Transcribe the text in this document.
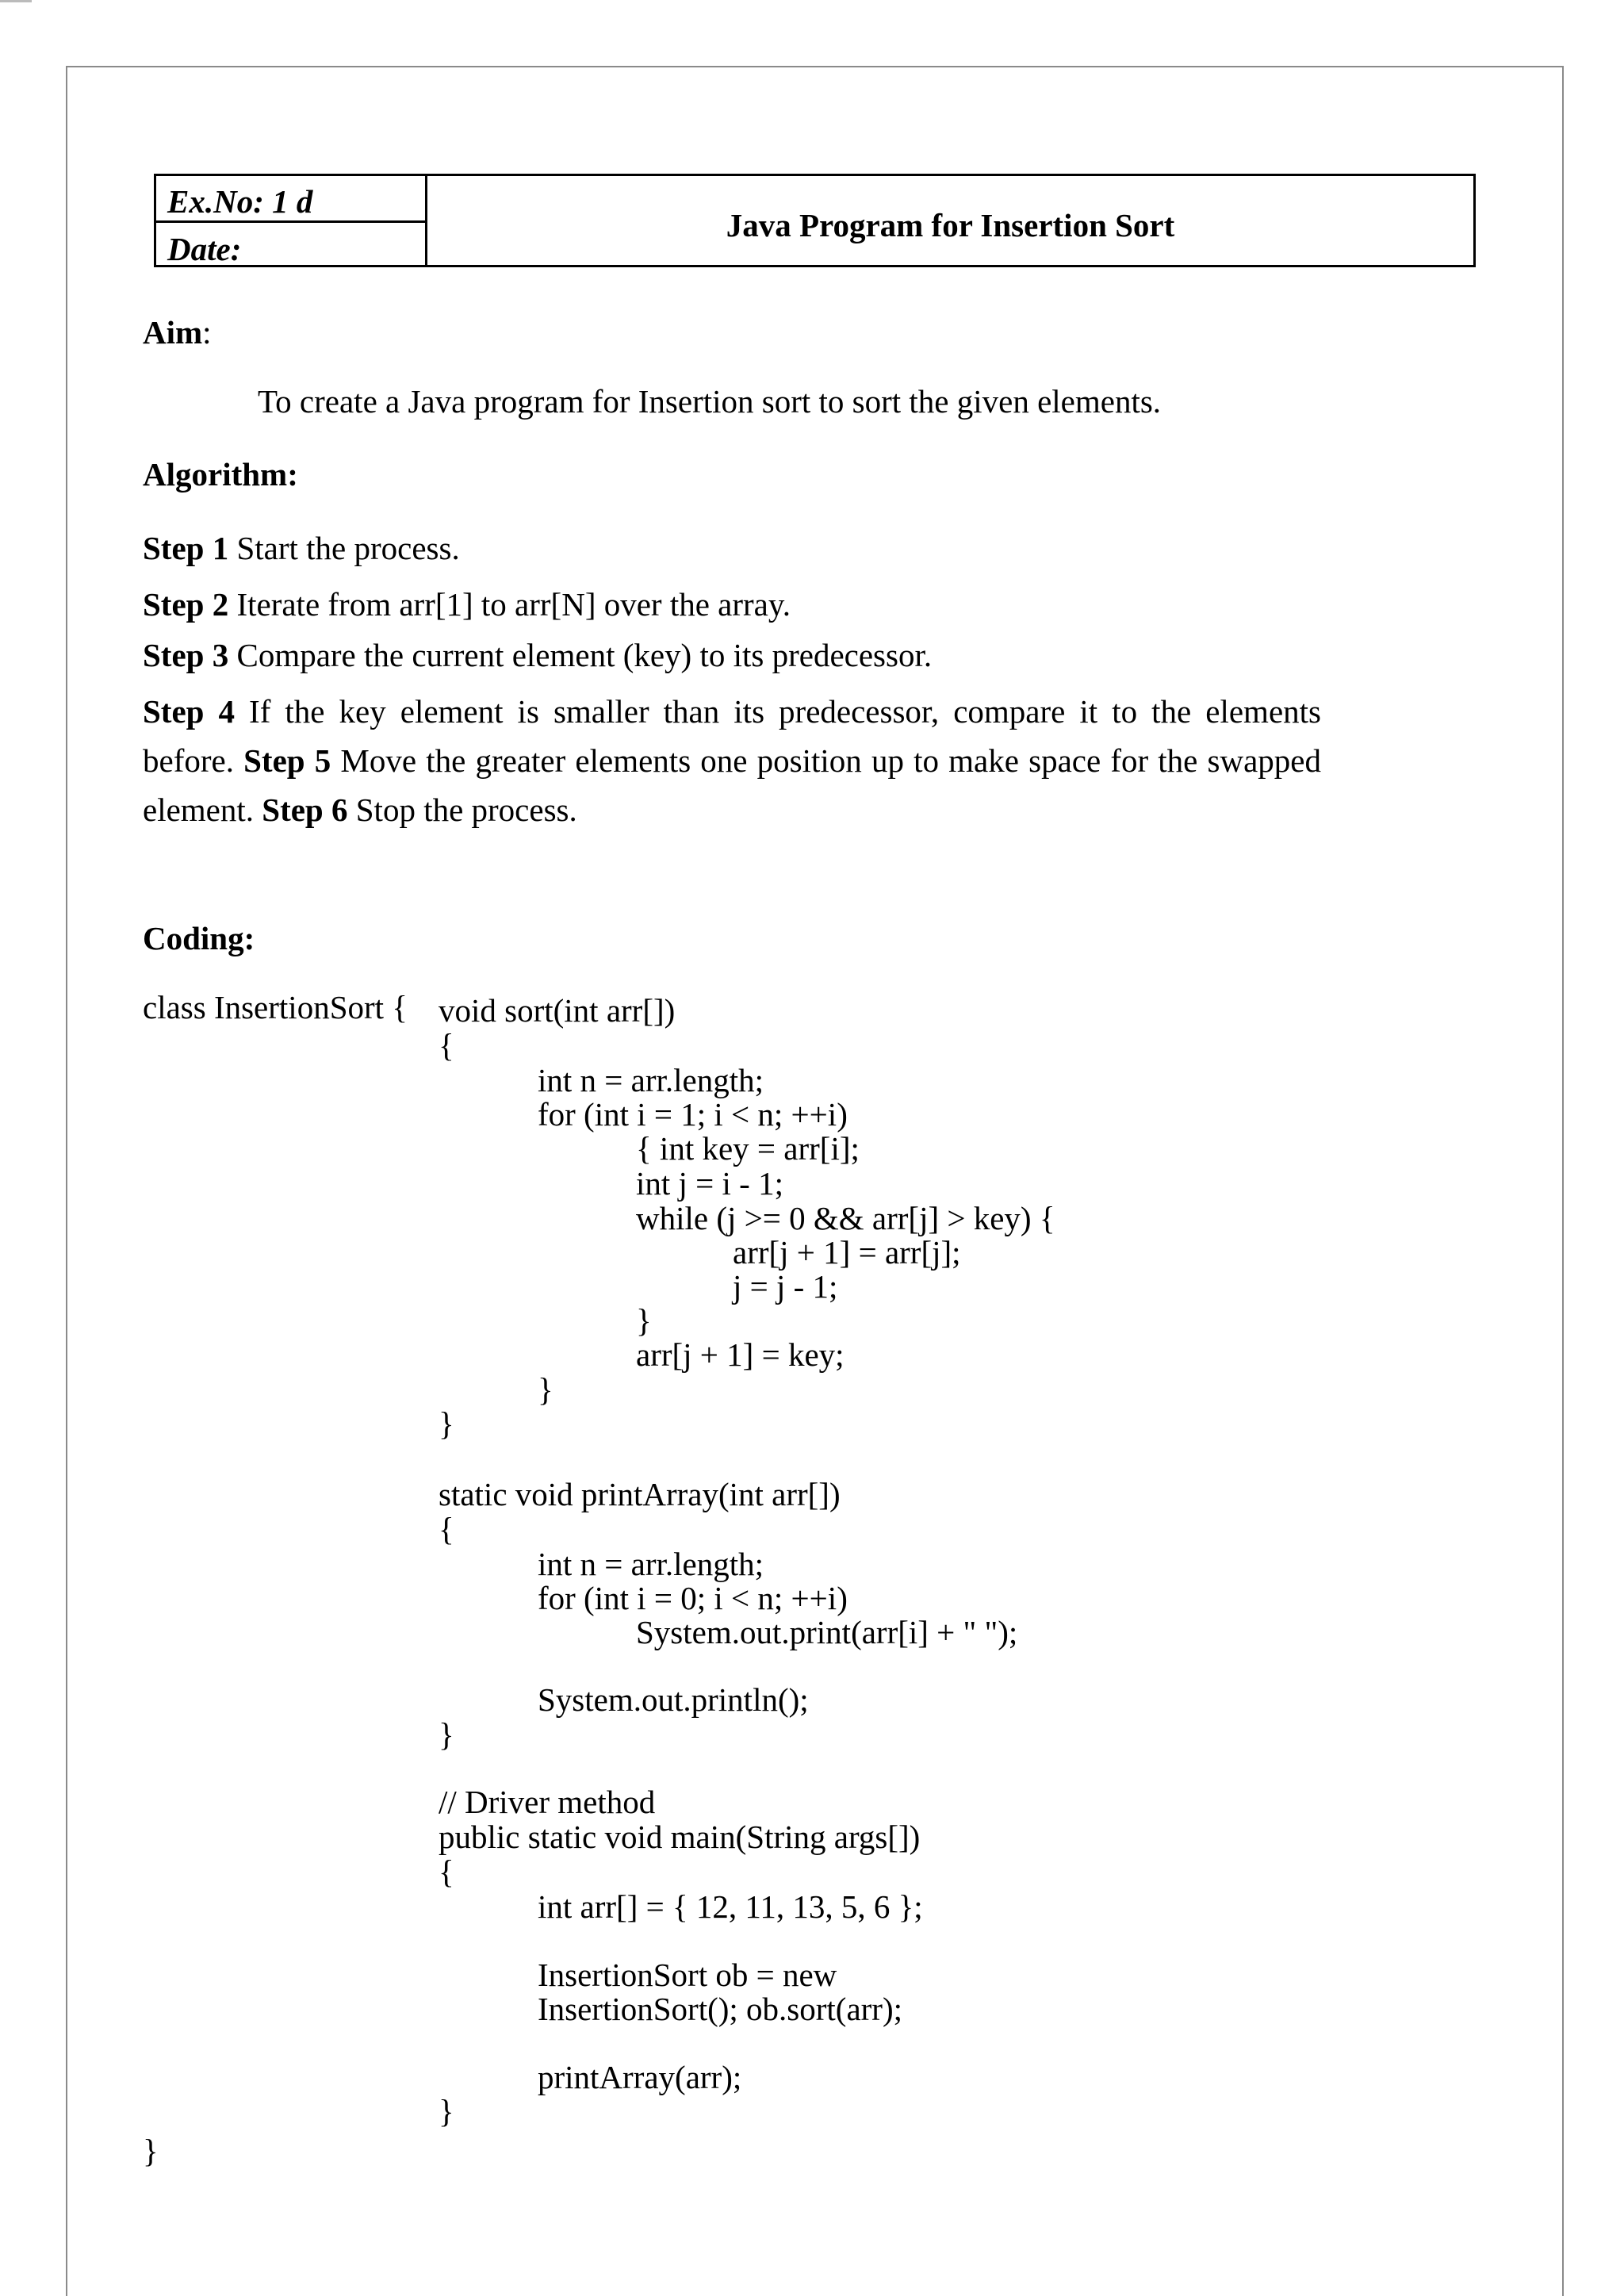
Ex.No: 1 d
Date:
Java Program for Insertion Sort
Aim:
To create a Java program for Insertion sort to sort the given elements.
Algorithm:
Step 1 Start the process.
Step 2 Iterate from arr[1] to arr[N] over the array.
Step 3 Compare the current element (key) to its predecessor.
Step 4 If the key element is smaller than its predecessor, compare it to the elements before. Step 5 Move the greater elements one position up to make space for the swapped element. Step 6 Stop the process.
Coding:
class InsertionSort { void sort(int arr[])
{
int n = arr.length;
for (int i = 1; i < n; ++i)
{ int key = arr[i];
int j = i - 1;
while (j >= 0 && arr[j] > key) {
arr[j + 1] = arr[j];
j = j - 1;
}
arr[j + 1] = key;
}
}
static void printArray(int arr[])
{
int n = arr.length;
for (int i = 0; i < n; ++i)
System.out.print(arr[i] + " ");
System.out.println();
}
// Driver method
public static void main(String args[])
{
int arr[] = { 12, 11, 13, 5, 6 };
InsertionSort ob = new
InsertionSort(); ob.sort(arr);
printArray(arr);
}
}
